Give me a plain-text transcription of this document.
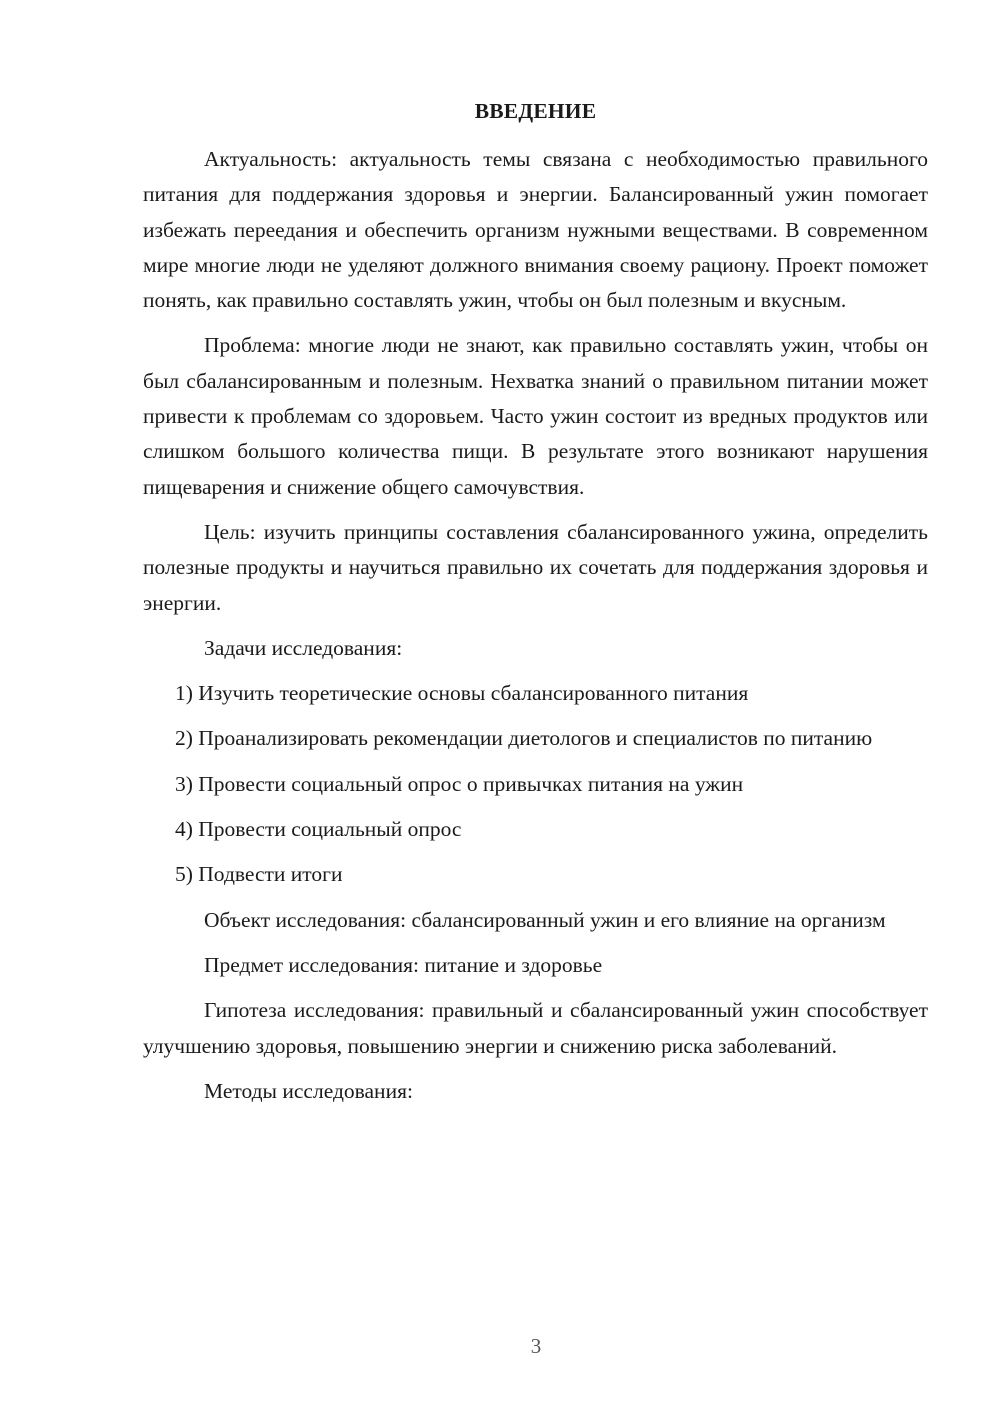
ВВЕДЕНИЕ

Актуальность: актуальность темы связана с необходимостью правильного питания для поддержания здоровья и энергии. Балансированный ужин помогает избежать переедания и обеспечить организм нужными веществами. В современном мире многие люди не уделяют должного внимания своему рациону. Проект поможет понять, как правильно составлять ужин, чтобы он был полезным и вкусным.

Проблема: многие люди не знают, как правильно составлять ужин, чтобы он был сбалансированным и полезным. Нехватка знаний о правильном питании может привести к проблемам со здоровьем. Часто ужин состоит из вредных продуктов или слишком большого количества пищи. В результате этого возникают нарушения пищеварения и снижение общего самочувствия.

Цель: изучить принципы составления сбалансированного ужина, определить полезные продукты и научиться правильно их сочетать для поддержания здоровья и энергии.

Задачи исследования:

1) Изучить теоретические основы сбалансированного питания

2) Проанализировать рекомендации диетологов и специалистов по питанию

3) Провести социальный опрос о привычках питания на ужин

4) Провести социальный опрос

5) Подвести итоги

Объект исследования: сбалансированный ужин и его влияние на организм

Предмет исследования: питание и здоровье

Гипотеза исследования: правильный и сбалансированный ужин способствует улучшению здоровья, повышению энергии и снижению риска заболеваний.

Методы исследования:

3
